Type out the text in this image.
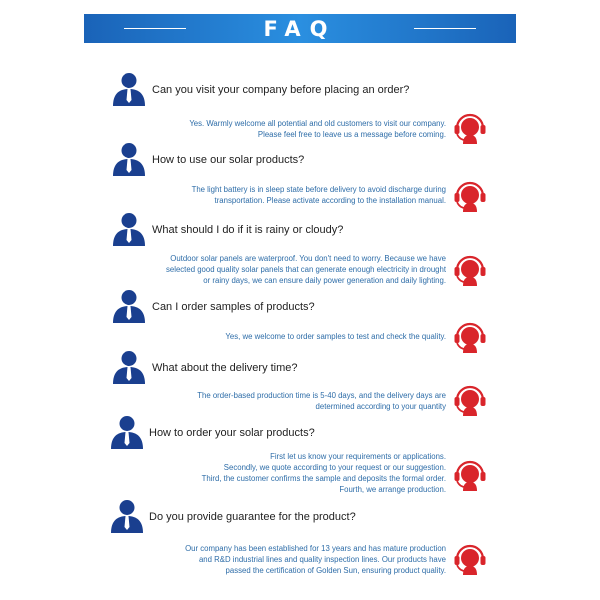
FAQ
Can you visit your company before placing an order?
Yes. Warmly welcome all potential and old customers to visit our company.
Please feel free to leave us a message before coming.
How to use our solar products?
The light battery is in sleep state before delivery to avoid discharge during
transportation. Please activate according to the installation manual.
What should I do if it is rainy or cloudy?
Outdoor solar panels are waterproof. You don't need to worry. Because we have
selected good quality solar panels that can generate enough electricity in drought
or rainy days, we can ensure daily power generation and daily lighting.
Can I order samples of products?
Yes, we welcome to order samples to test and check the quality.
What about the delivery time?
The order-based production time is 5-40 days, and the delivery days are
determined according to your quantity
How to order your solar products?
First let us know your requirements or applications.
Secondly, we quote according to your request or our suggestion.
Third, the customer confirms the sample and deposits the formal order.
Fourth, we arrange production.
Do you provide guarantee for the product?
Our company has been established for 13 years and has mature production
and R&D industrial lines and quality inspection lines. Our products have
passed the certification of Golden Sun, ensuring product quality.
